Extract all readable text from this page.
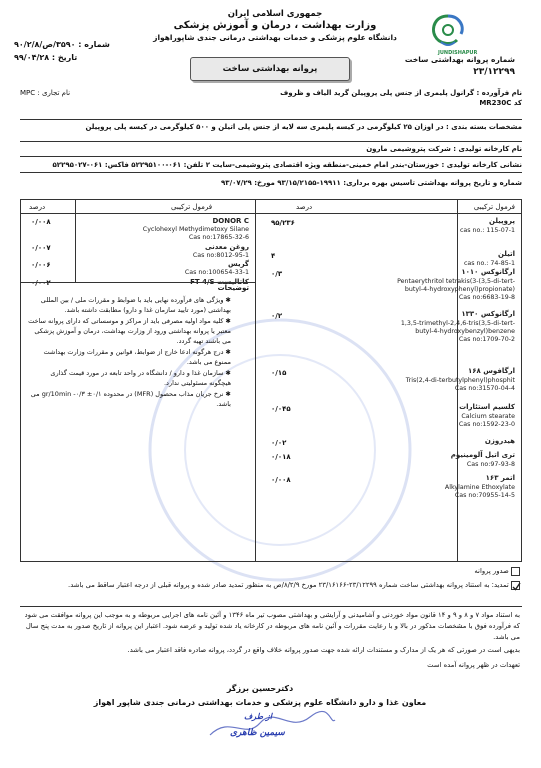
جمهوری اسلامی ایران
وزارت بهداشت ، درمان و آموزش پزشکی
دانشگاه علوم پزشکی و خدمات بهداشتی درمانی جندی شاپوراهواز
JUNDISHAPUR
شماره پروانه بهداشتی ساخت
۲۳/۱۲۲۹۹
شماره : ۳۵۹۰/ص/۹۰/۲/۸
تاریخ : ۹۹/۰۴/۲۸
پروانه بهداشتی ساخت
نام فرآورده : گرانول پلیمری از جنس پلی پروپیلن گرید الیاف و ظروف
کد MR230C
نام تجاری : MPC
مشخصات بسته بندی : در اوزان ۲۵ کیلوگرمی در کیسه پلیمری سه لایه از جنس پلی اتیلن و ۵۰۰ کیلوگرمی در کیسه پلی پروپیلن
نام کارخانه تولیدی : شرکت پتروشیمی مارون
نشانی کارخانه تولیدی : خوزستان-بندر امام خمینی-منطقه ویژه اقتصادی پتروشیمی-سایت ۲ تلفن: ۰۶۱-۵۲۲۹۵۱۰۰ فاکس: ۰۶۱-۵۲۲۹۵۰۲۷
شماره و تاریخ پروانه بهداشتی تاسیس بهره برداری: ۱۹۹۱۱-۹۳/۱۵/۲۱۵۵ مورخ: ۹۳/۰۷/۲۹
فرمول ترکیبی
درصد
فرمول ترکیبی
درصد
پروپیلن
cas no.: 115-07-1
۹۵/۲۳۶
اتیلن
cas no.: 74-85-1
۴
ارگانوکس ۱۰۱۰
Pentaerythritol tetrakis(3-(3,5-di-tert-
butyl-4-hydroxyphenyl)propionate)
Cas no:6683-19-8
۰/۳
ارگانوکس ۱۳۳۰
1,3,5-trimethyl-2,4,6-tris(3,5-di-tert-
butyl-4-hydroxybenzyl)benzene
Cas no:1709-70-2
۰/۲
ارگافوس ۱۶۸
Tris(2,4-di-terbutylphenyl)phosphit
Cas no:31570-04-4
۰/۱۵
کلسیم استئارات
Calcium stearate
Cas no:1592-23-0
۰/۰۴۵
هیدروزن
۰/۰۲
تری اتیل آلومینیوم
Cas no:97-93-8
۰/۰۱۸
اتمر ۱۶۳
Alkylamine Ethoxylate
Cas no:70955-14-5
۰/۰۰۸
DONOR C
Cyclohexyl Methydimetoxy Silane
Cas no:17865-32-6
۰/۰۰۸
روغن معدنی
Cas no:8012-95-1
۰/۰۰۷
گریس
Cas no:100654-33-1
۰/۰۰۶
FT 4/S کاتالیست
۰/۰۰۲
توضیحات

✱ ویژگی های فرآورده نهایی باید با ضوابط و مقررات ملی / بین المللی بهداشتی (مورد تایید سازمان غذا و دارو) مطابقت داشته باشد.

✱ کلیه مواد اولیه مصرفی باید از مراکز و موسساتی که دارای پروانه ساخت معتبر یا پروانه بهداشتی ورود از وزارت بهداشت، درمان و آموزش پزشکی می باشند تهیه گردد.

✱ درج هرگونه ادعا خارج از ضوابط، قوانین و مقررات وزارت بهداشت ممنوع می باشد.

✱ سازمان غذا و دارو / دانشگاه در واحد تابعه در مورد قیمت گذاری هیچگونه مسئولیتی ندارد.

✱ نرخ جریان مذاب محصول (MFR) در محدوده ۰/۱± ۰/۳- gr/10min می باشد.

صدور پروانه
تمدید: به استناد پروانه بهداشتی ساخت شماره ۲۳/۱۲۲۹۹-۲۳/۱۶۱۶۶ مورخ ۸/۲/۹/ص به منظور تمدید صادر شده و پروانه قبلی از درجه اعتبار ساقط می باشد.
به استناد مواد ۷ و ۸ و ۹ و ۱۴ قانون مواد خوردنی و آشامیدنی و آرایشی و بهداشتی مصوب تیر ماه ۱۳۴۶ و آئین نامه های اجرایی مربوطه و به موجب این پروانه موافقت می شود که فرآورده فوق با مشخصات مذکور در بالا و با رعایت مقررات و آئین نامه های مربوطه در کارخانه یاد شده تولید و عرضه شود. اعتبار این پروانه از تاریخ صدور به مدت پنج سال می باشد.
بدیهی است در صورتی که هر یک از مدارک و مستندات ارائه شده جهت صدور پروانه خلاف واقع در گردد، پروانه صادره فاقد اعتبار می باشد.
تعهدات در ظهر پروانه آمده است
دکترحسین برزگر
معاون غذا و دارو دانشگاه علوم پزشکی و خدمات بهداشتی درمانی جندی شاپور اهواز
از طرف
سیمین ظاهری
